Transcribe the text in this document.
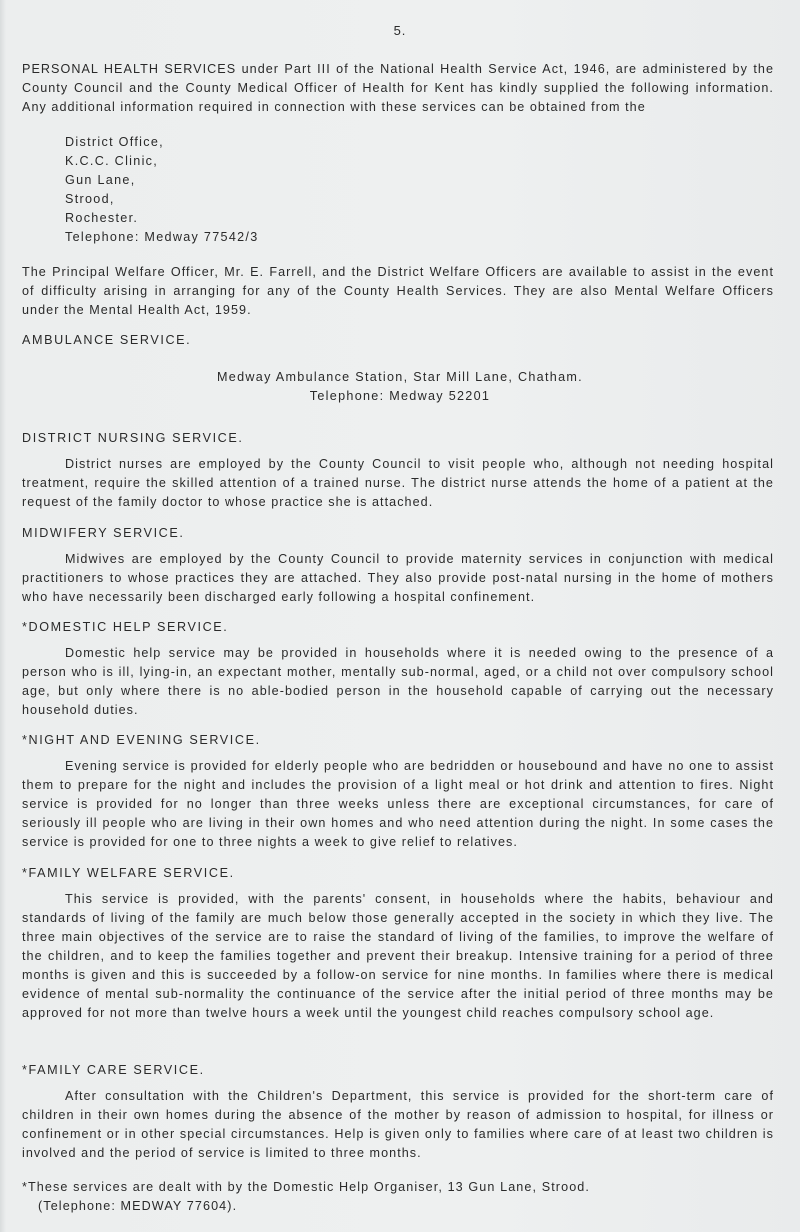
5.

PERSONAL HEALTH SERVICES under Part III of the National Health Service Act, 1946, are administered by the County Council and the County Medical Officer of Health for Kent has kindly supplied the following information. Any additional information required in connection with these services can be obtained from the

District Office,
K.C.C. Clinic,
Gun Lane,
Strood,
Rochester.
Telephone: Medway 77542/3

The Principal Welfare Officer, Mr. E. Farrell, and the District Welfare Officers are available to assist in the event of difficulty arising in arranging for any of the County Health Services. They are also Mental Welfare Officers under the Mental Health Act, 1959.

AMBULANCE SERVICE.
Medway Ambulance Station, Star Mill Lane, Chatham.
Telephone: Medway 52201
DISTRICT NURSING SERVICE.

District nurses are employed by the County Council to visit people who, although not needing hospital treatment, require the skilled attention of a trained nurse. The district nurse attends the home of a patient at the request of the family doctor to whose practice she is attached.

MIDWIFERY SERVICE.

Midwives are employed by the County Council to provide maternity services in conjunction with medical practitioners to whose practices they are attached. They also provide post-natal nursing in the home of mothers who have necessarily been discharged early following a hospital confinement.

*DOMESTIC HELP SERVICE.

Domestic help service may be provided in households where it is needed owing to the presence of a person who is ill, lying-in, an expectant mother, mentally sub-normal, aged, or a child not over compulsory school age, but only where there is no able-bodied person in the household capable of carrying out the necessary household duties.

*NIGHT AND EVENING SERVICE.

Evening service is provided for elderly people who are bedridden or housebound and have no one to assist them to prepare for the night and includes the provision of a light meal or hot drink and attention to fires. Night service is provided for no longer than three weeks unless there are exceptional circumstances, for care of seriously ill people who are living in their own homes and who need attention during the night. In some cases the service is provided for one to three nights a week to give relief to relatives.

*FAMILY WELFARE SERVICE.

This service is provided, with the parents' consent, in households where the habits, behaviour and standards of living of the family are much below those generally accepted in the society in which they live. The three main objectives of the service are to raise the standard of living of the families, to improve the welfare of the children, and to keep the families together and prevent their breakup. Intensive training for a period of three months is given and this is succeeded by a follow-on service for nine months. In families where there is medical evidence of mental sub-normality the continuance of the service after the initial period of three months may be approved for not more than twelve hours a week until the youngest child reaches compulsory school age.

*FAMILY CARE SERVICE.

After consultation with the Children's Department, this service is provided for the short-term care of children in their own homes during the absence of the mother by reason of admission to hospital, for illness or confinement or in other special circumstances. Help is given only to families where care of at least two children is involved and the period of service is limited to three months.

*These services are dealt with by the Domestic Help Organiser, 13 Gun Lane, Strood.
(Telephone: MEDWAY 77604).
